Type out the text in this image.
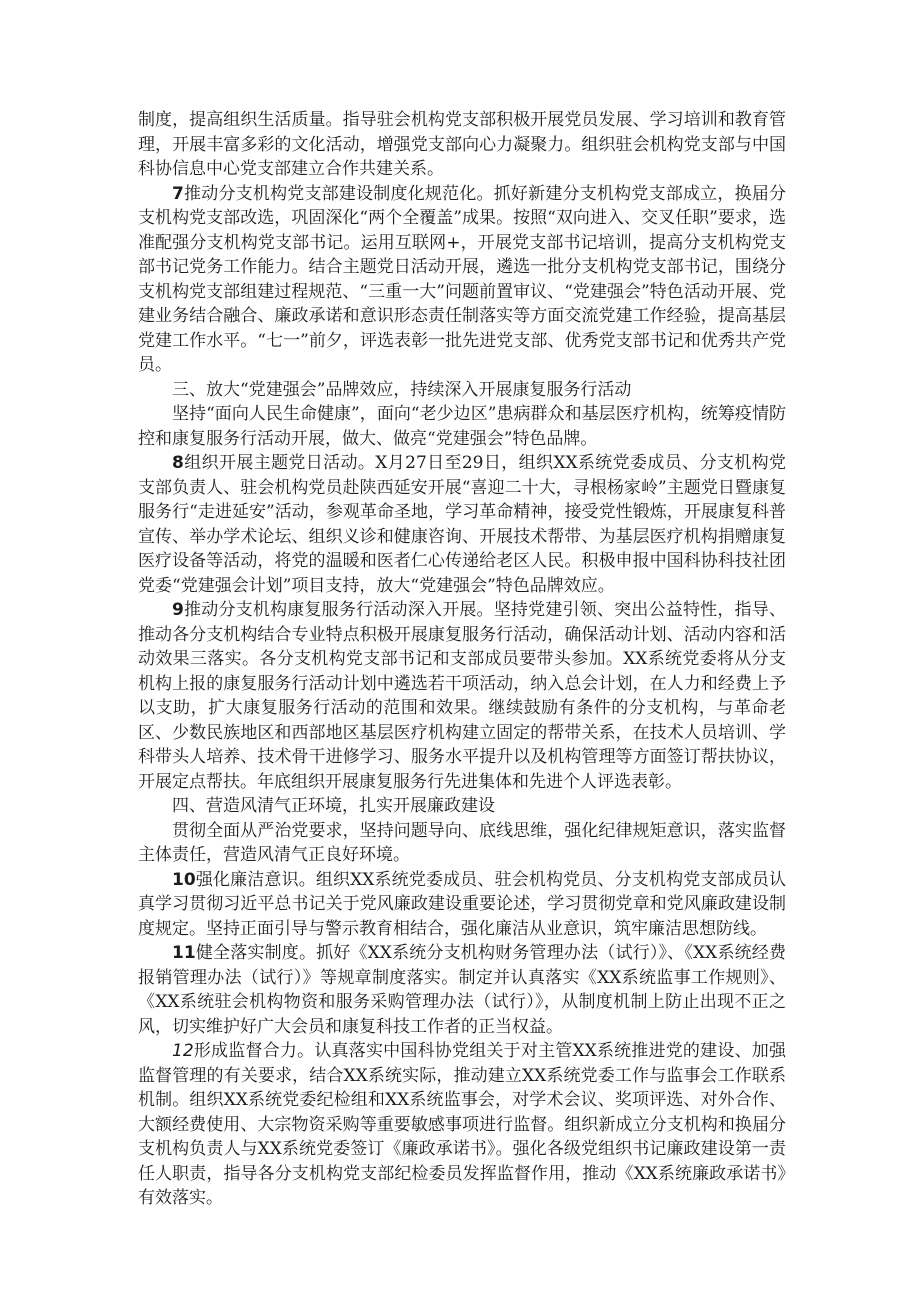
制度，提高组织生活质量。指导驻会机构党支部积极开展党员发展、学习培训和教育管理，开展丰富多彩的文化活动，增强党支部向心力凝聚力。组织驻会机构党支部与中国科协信息中心党支部建立合作共建关系。

7推动分支机构党支部建设制度化规范化。抓好新建分支机构党支部成立，换届分支机构党支部改选，巩固深化“两个全覆盖”成果。按照“双向进入、交叉任职”要求，选准配强分支机构党支部书记。运用互联网+，开展党支部书记培训，提高分支机构党支部书记党务工作能力。结合主题党日活动开展，遴选一批分支机构党支部书记，围绕分支机构党支部组建过程规范、“三重一大”问题前置审议、“党建强会”特色活动开展、党建业务结合融合、廉政承诺和意识形态责任制落实等方面交流党建工作经验，提高基层党建工作水平。“七一”前夕，评选表彰一批先进党支部、优秀党支部书记和优秀共产党员。

三、放大“党建强会”品牌效应，持续深入开展康复服务行活动

坚持“面向人民生命健康”，面向“老少边区”患病群众和基层医疗机构，统筹疫情防控和康复服务行活动开展，做大、做亮“党建强会”特色品牌。

8组织开展主题党日活动。X月27日至29日，组织XX系统党委成员、分支机构党支部负责人、驻会机构党员赴陕西延安开展“喜迎二十大，寻根杨家岭”主题党日暨康复服务行“走进延安”活动，参观革命圣地，学习革命精神，接受党性锻炼，开展康复科普宣传、举办学术论坛、组织义诊和健康咨询、开展技术帮带、为基层医疗机构捐赠康复医疗设备等活动，将党的温暖和医者仁心传递给老区人民。积极申报中国科协科技社团党委“党建强会计划”项目支持，放大“党建强会”特色品牌效应。

9推动分支机构康复服务行活动深入开展。坚持党建引领、突出公益特性，指导、推动各分支机构结合专业特点积极开展康复服务行活动，确保活动计划、活动内容和活动效果三落实。各分支机构党支部书记和支部成员要带头参加。XX系统党委将从分支机构上报的康复服务行活动计划中遴选若干项活动，纳入总会计划，在人力和经费上予以支助，扩大康复服务行活动的范围和效果。继续鼓励有条件的分支机构，与革命老区、少数民族地区和西部地区基层医疗机构建立固定的帮带关系，在技术人员培训、学科带头人培养、技术骨干进修学习、服务水平提升以及机构管理等方面签订帮扶协议，开展定点帮扶。年底组织开展康复服务行先进集体和先进个人评选表彰。

四、营造风清气正环境，扎实开展廉政建设

贯彻全面从严治党要求，坚持问题导向、底线思维，强化纪律规矩意识，落实监督主体责任，营造风清气正良好环境。

10强化廉洁意识。组织XX系统党委成员、驻会机构党员、分支机构党支部成员认真学习贯彻习近平总书记关于党风廉政建设重要论述，学习贯彻党章和党风廉政建设制度规定。坚持正面引导与警示教育相结合，强化廉洁从业意识，筑牢廉洁思想防线。

11健全落实制度。抓好《XX系统分支机构财务管理办法（试行）》、《XX系统经费报销管理办法（试行）》等规章制度落实。制定并认真落实《XX系统监事工作规则》、《XX系统驻会机构物资和服务采购管理办法（试行）》，从制度机制上防止出现不正之风，切实维护好广大会员和康复科技工作者的正当权益。

12形成监督合力。认真落实中国科协党组关于对主管XX系统推进党的建设、加强监督管理的有关要求，结合XX系统实际，推动建立XX系统党委工作与监事会工作联系机制。组织XX系统党委纪检组和XX系统监事会，对学术会议、奖项评选、对外合作、大额经费使用、大宗物资采购等重要敏感事项进行监督。组织新成立分支机构和换届分支机构负责人与XX系统党委签订《廉政承诺书》。强化各级党组织书记廉政建设第一责任人职责，指导各分支机构党支部纪检委员发挥监督作用，推动《XX系统廉政承诺书》有效落实。
